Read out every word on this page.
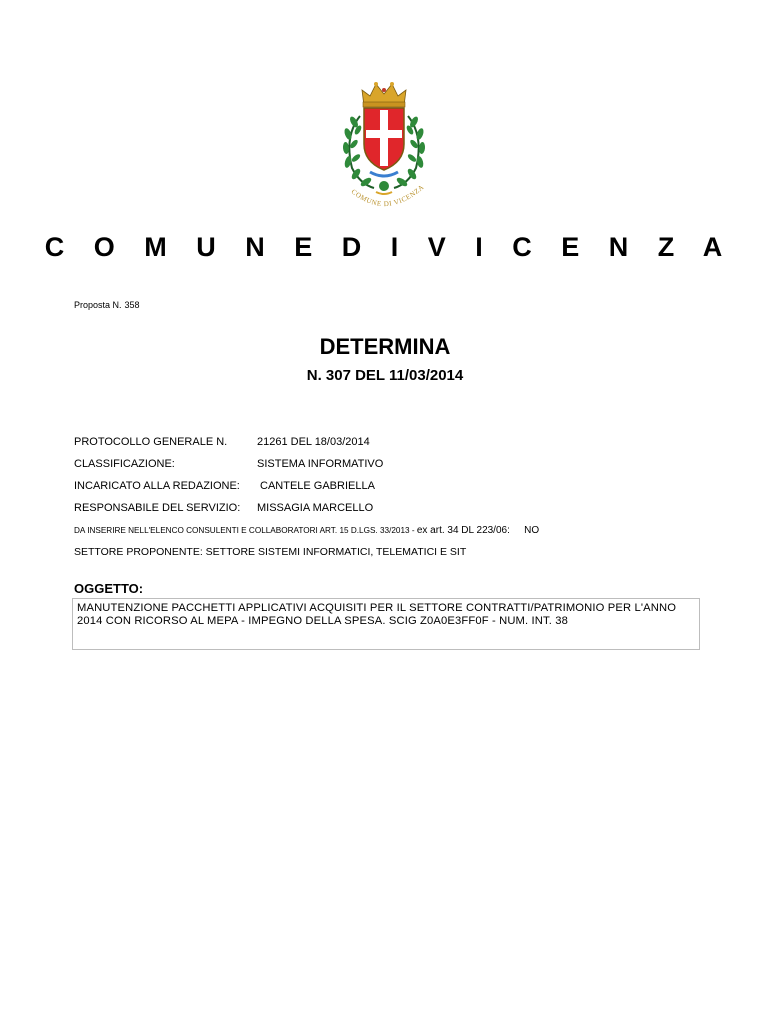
COMUNE DI VICENZA
C O M U N E D I V I C E N Z A
Proposta N. 358
DETERMINA
N. 307 DEL 11/03/2014
PROTOCOLLO GENERALE N.	21261 DEL 18/03/2014
CLASSIFICAZIONE:	SISTEMA INFORMATIVO
INCARICATO ALLA REDAZIONE: CANTELE GABRIELLA
RESPONSABILE DEL SERVIZIO: MISSAGIA MARCELLO
DA INSERIRE NELL'ELENCO CONSULENTI E COLLABORATORI ART. 15 D.LGS. 33/2013 - ex art. 34 DL 223/06: NO
SETTORE PROPONENTE: SETTORE SISTEMI INFORMATICI, TELEMATICI E SIT
OGGETTO:
MANUTENZIONE PACCHETTI APPLICATIVI ACQUISITI PER IL SETTORE CONTRATTI/PATRIMONIO PER L'ANNO 2014 CON RICORSO AL MEPA - IMPEGNO DELLA SPESA. SCIG Z0A0E3FF0F - NUM. INT. 38
